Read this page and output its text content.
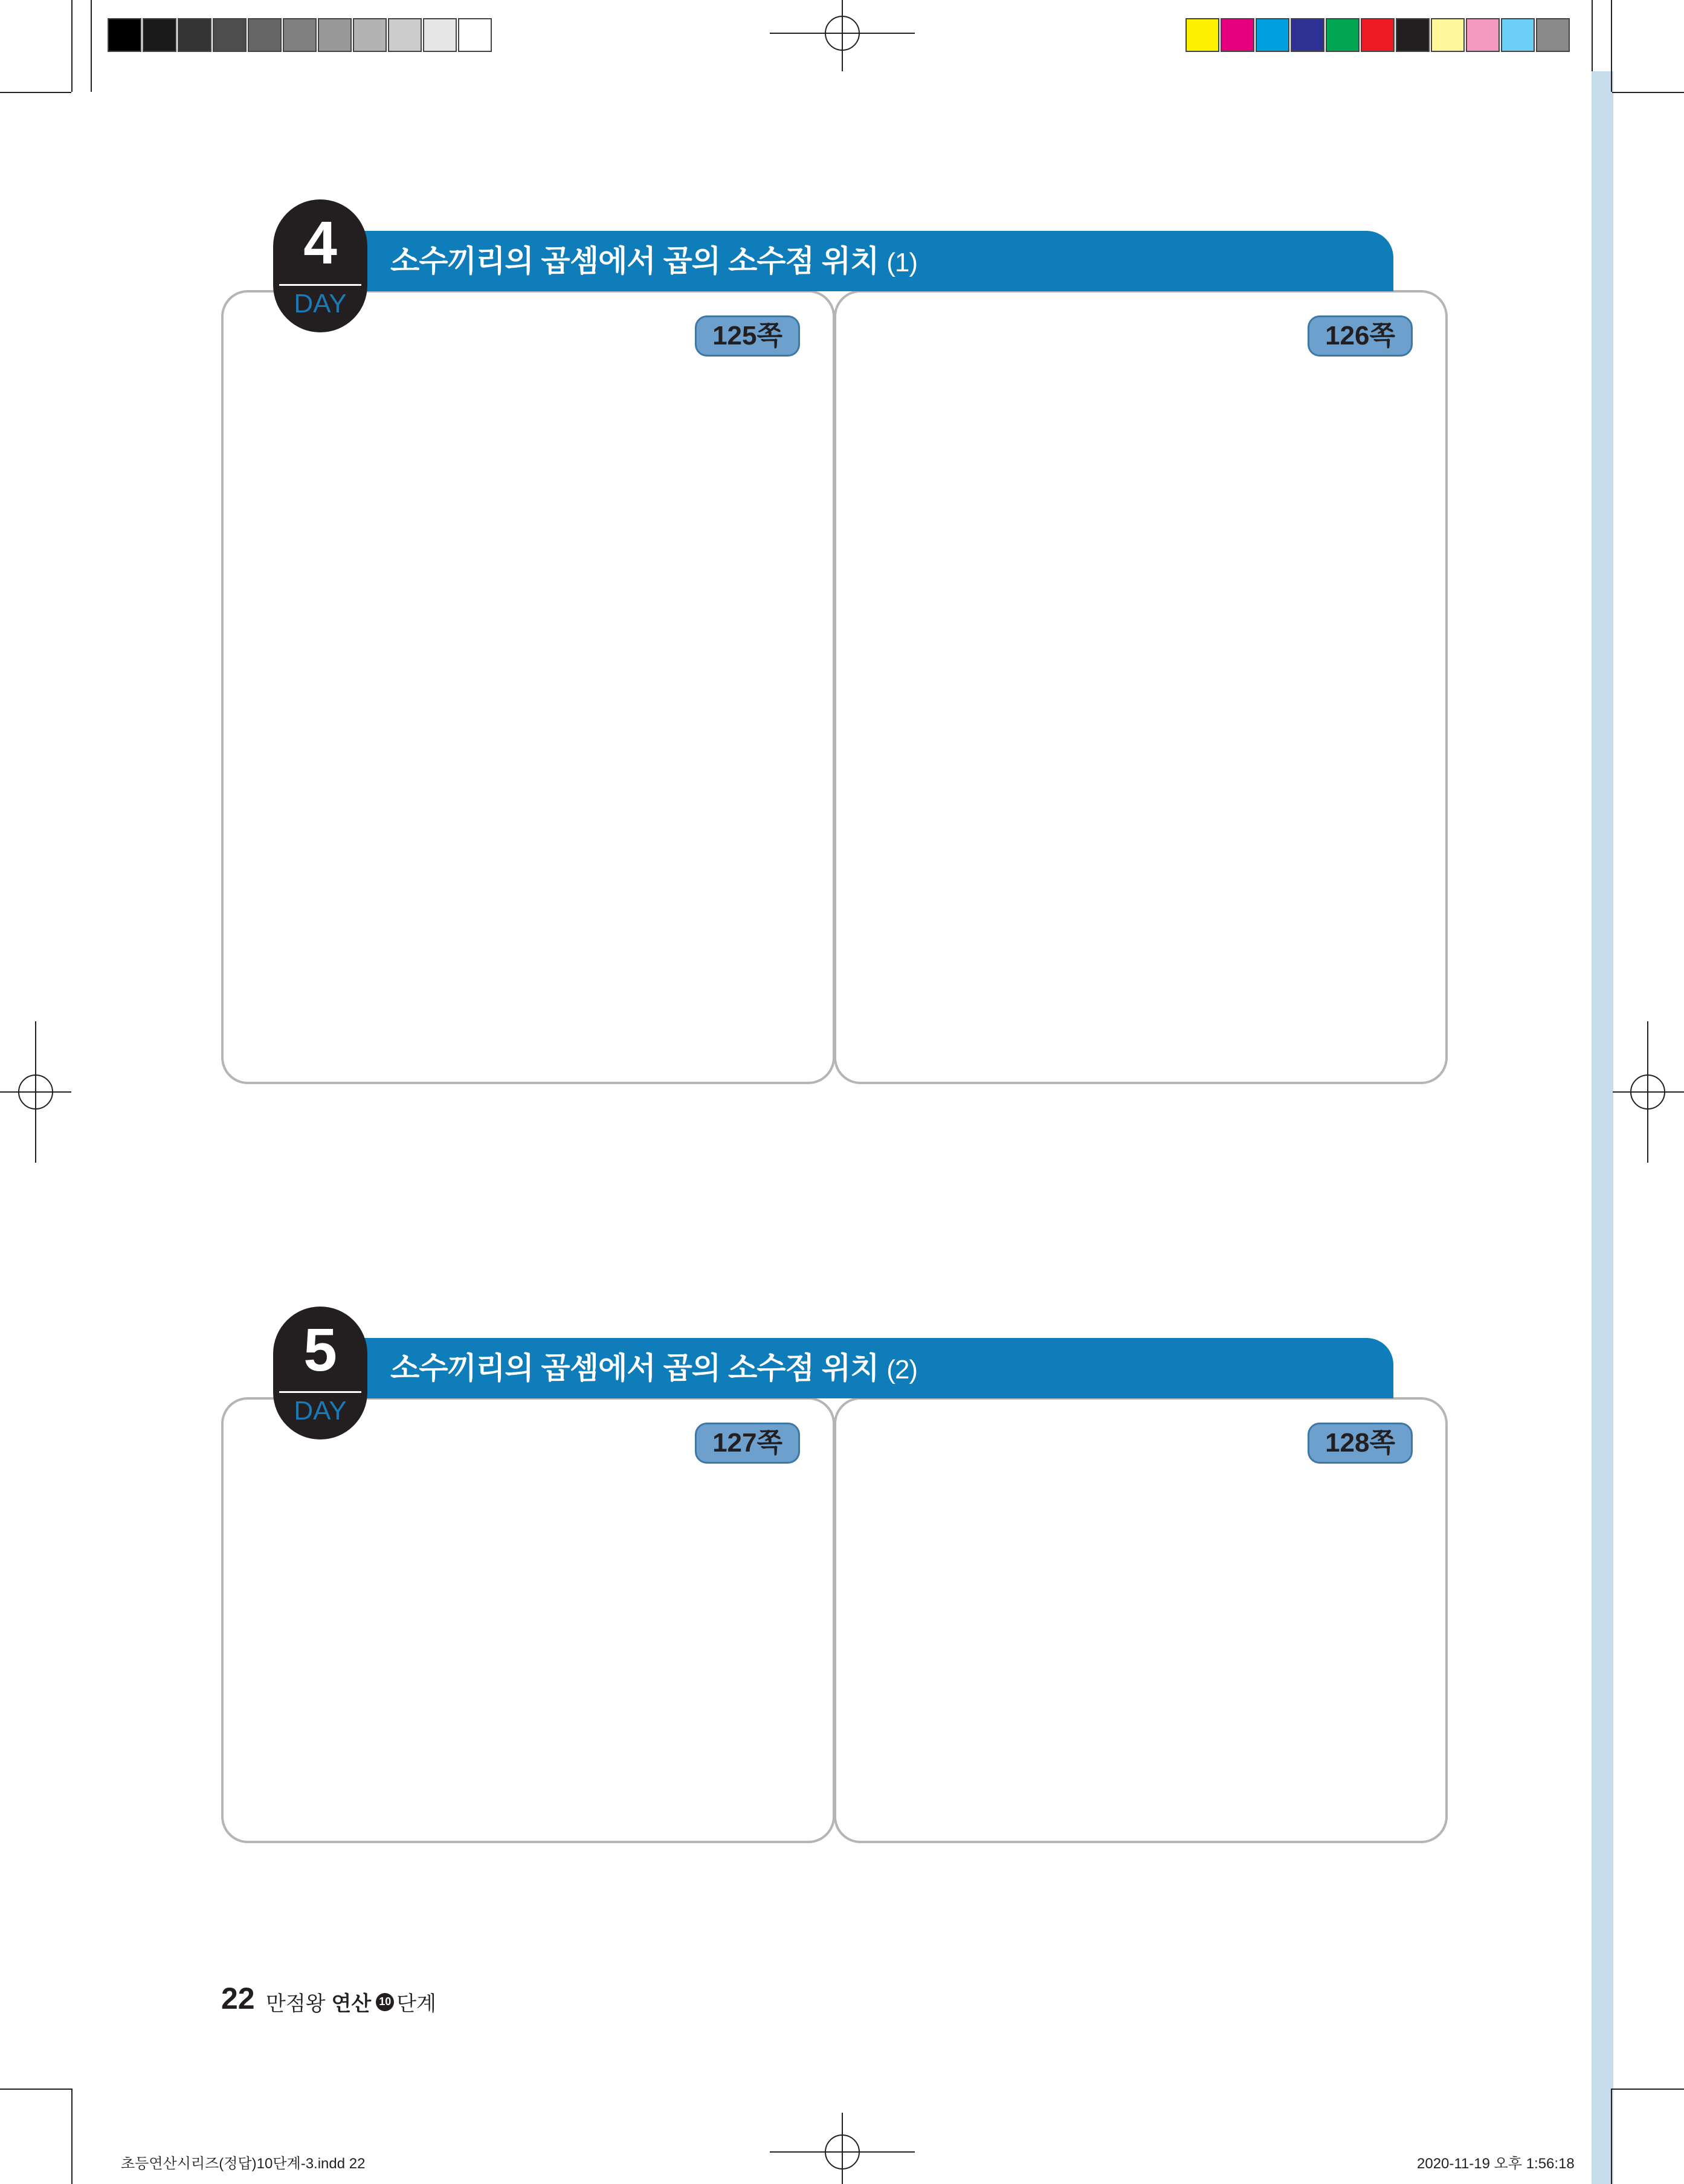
4
DAY
소수끼리의 곱셈에서 곱의 소수점 위치 (1)
125쪽	126쪽
5
DAY
소수끼리의 곱셈에서 곱의 소수점 위치 (2)
127쪽	128쪽
22 만점왕 연산 10 단계
초등연산시리즈(정답)10단계-3.indd 22	2020-11-19 오후 1:56:18
